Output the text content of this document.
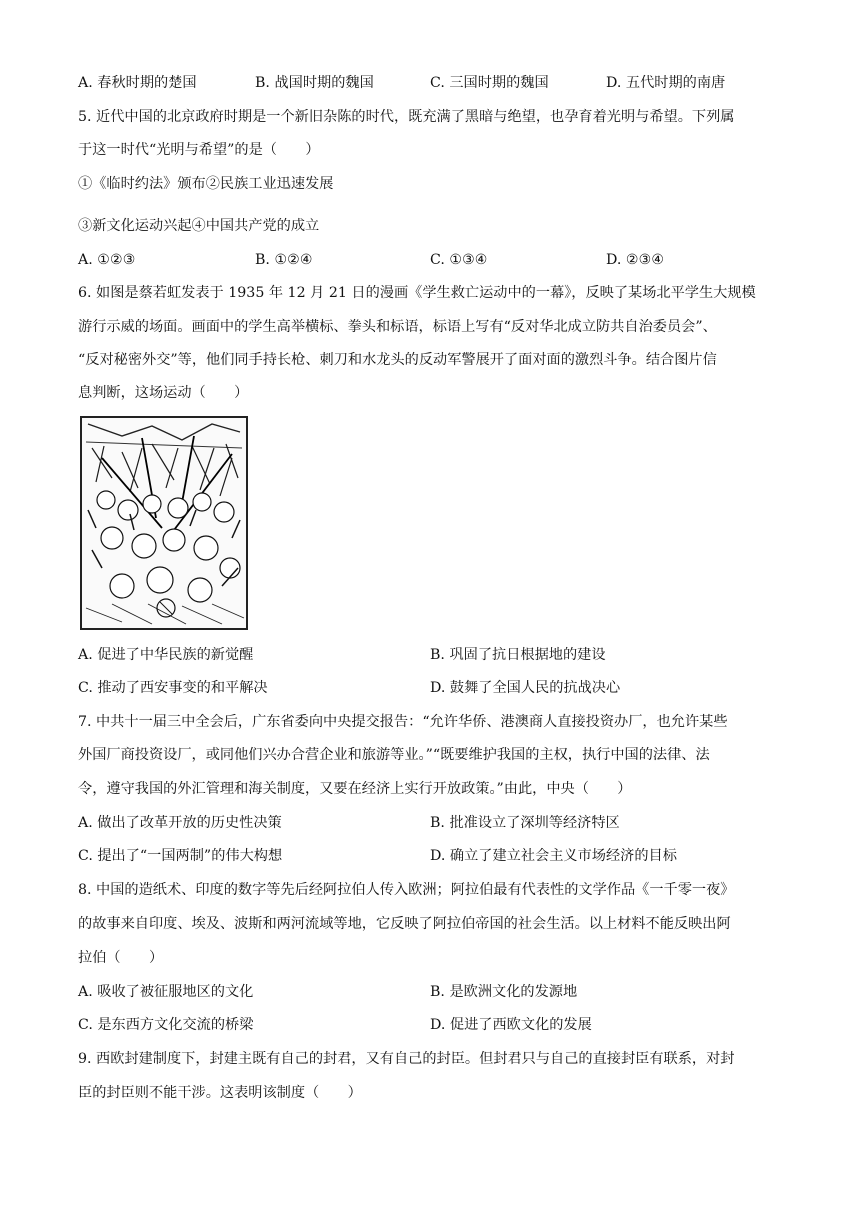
A. 春秋时期的楚国	B. 战国时期的魏国	C. 三国时期的魏国	D. 五代时期的南唐
5. 近代中国的北京政府时期是一个新旧杂陈的时代，既充满了黑暗与绝望，也孕育着光明与希望。下列属
于这一时代“光明与希望”的是（　　）
①《临时约法》颁布②民族工业迅速发展
③新文化运动兴起④中国共产党的成立
A. ①②③	B. ①②④	C. ①③④	D. ②③④
6. 如图是蔡若虹发表于 1935 年 12 月 21 日的漫画《学生救亡运动中的一幕》，反映了某场北平学生大规模
游行示威的场面。画面中的学生高举横标、拳头和标语，标语上写有“反对华北成立防共自治委员会”、
“反对秘密外交”等，他们同手持长枪、刺刀和水龙头的反动军警展开了面对面的激烈斗争。结合图片信
息判断，这场运动（　　）
A. 促进了中华民族的新觉醒	B. 巩固了抗日根据地的建设
C. 推动了西安事变的和平解决	D. 鼓舞了全国人民的抗战决心
7. 中共十一届三中全会后，广东省委向中央提交报告：“允许华侨、港澳商人直接投资办厂，也允许某些
外国厂商投资设厂，或同他们兴办合营企业和旅游等业。”“既要维护我国的主权，执行中国的法律、法
令，遵守我国的外汇管理和海关制度，又要在经济上实行开放政策。”由此，中央（　　）
A. 做出了改革开放的历史性决策	B. 批准设立了深圳等经济特区
C. 提出了“一国两制”的伟大构想	D. 确立了建立社会主义市场经济的目标
8. 中国的造纸术、印度的数字等先后经阿拉伯人传入欧洲；阿拉伯最有代表性的文学作品《一千零一夜》
的故事来自印度、埃及、波斯和两河流域等地，它反映了阿拉伯帝国的社会生活。以上材料不能反映出阿
拉伯（　　）
A. 吸收了被征服地区的文化	B. 是欧洲文化的发源地
C. 是东西方文化交流的桥梁	D. 促进了西欧文化的发展
9. 西欧封建制度下，封建主既有自己的封君，又有自己的封臣。但封君只与自己的直接封臣有联系，对封
臣的封臣则不能干涉。这表明该制度（　　）
